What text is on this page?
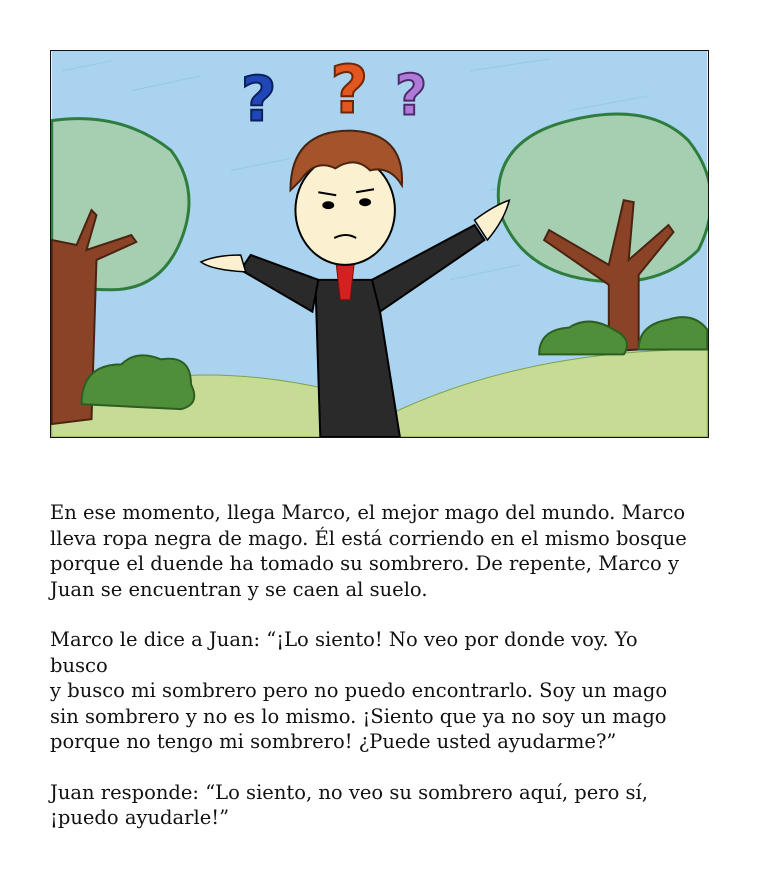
? ? ?

En ese momento, llega Marco, el mejor mago del mundo. Marco
lleva ropa negra de mago. Él está corriendo en el mismo bosque
porque el duende ha tomado su sombrero. De repente, Marco y
Juan se encuentran y se caen al suelo.

Marco le dice a Juan: “¡Lo siento! No veo por donde voy. Yo busco
y busco mi sombrero pero no puedo encontrarlo. Soy un mago
sin sombrero y no es lo mismo. ¡Siento que ya no soy un mago
porque no tengo mi sombrero! ¿Puede usted ayudarme?”

Juan responde: “Lo siento, no veo su sombrero aquí, pero sí,
¡puedo ayudarle!”
